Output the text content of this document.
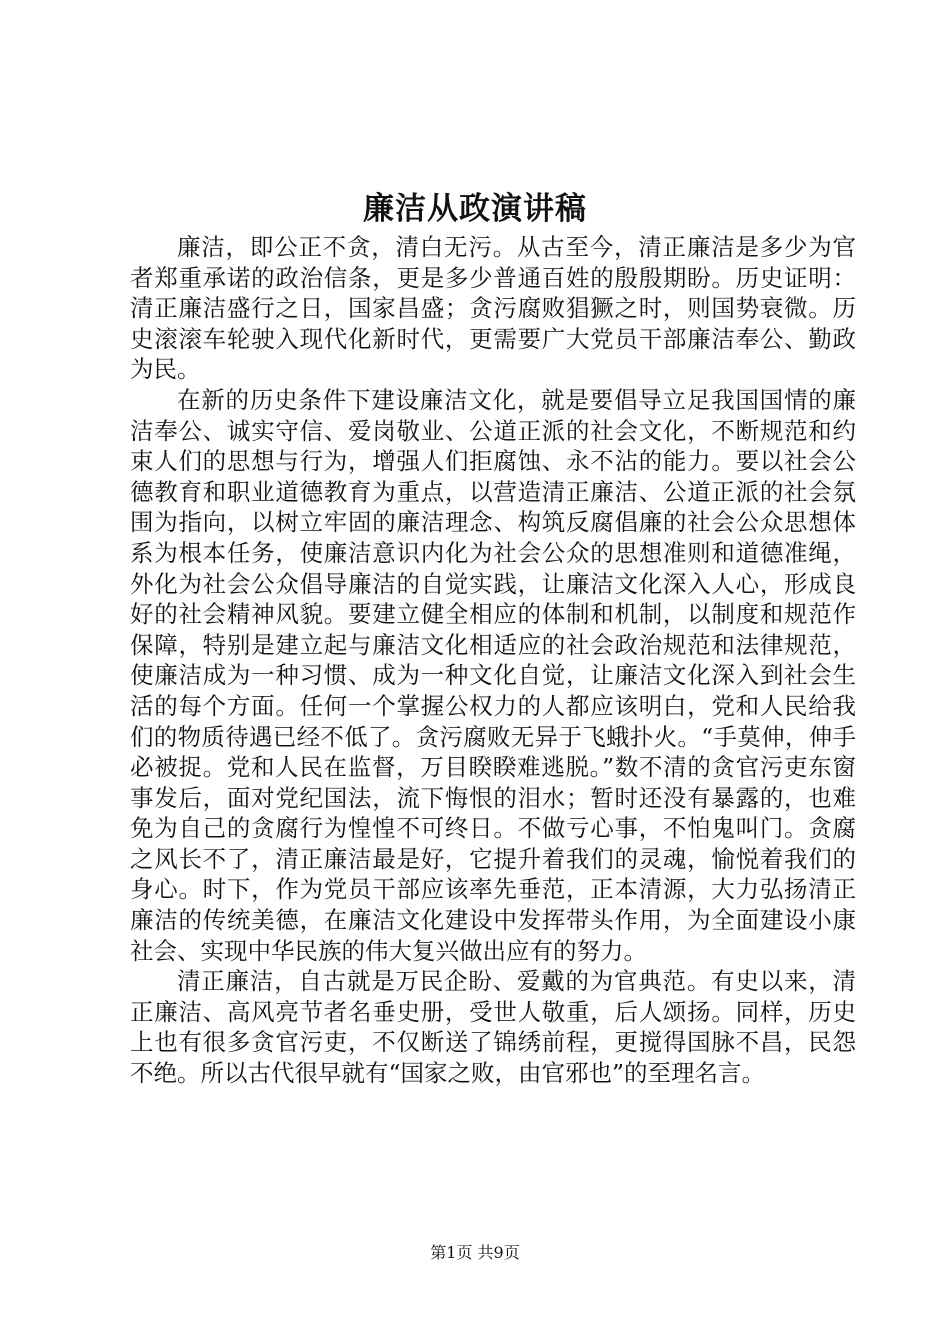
廉洁从政演讲稿

廉洁，即公正不贪，清白无污。从古至今，清正廉洁是多少为官者郑重承诺的政治信条，更是多少普通百姓的殷殷期盼。历史证明：清正廉洁盛行之日，国家昌盛；贪污腐败猖獗之时，则国势衰微。历史滚滚车轮驶入现代化新时代，更需要广大党员干部廉洁奉公、勤政为民。

在新的历史条件下建设廉洁文化，就是要倡导立足我国国情的廉洁奉公、诚实守信、爱岗敬业、公道正派的社会文化，不断规范和约束人们的思想与行为，增强人们拒腐蚀、永不沾的能力。要以社会公德教育和职业道德教育为重点，以营造清正廉洁、公道正派的社会氛围为指向，以树立牢固的廉洁理念、构筑反腐倡廉的社会公众思想体系为根本任务，使廉洁意识内化为社会公众的思想准则和道德准绳，外化为社会公众倡导廉洁的自觉实践，让廉洁文化深入人心，形成良好的社会精神风貌。要建立健全相应的体制和机制，以制度和规范作保障，特别是建立起与廉洁文化相适应的社会政治规范和法律规范，使廉洁成为一种习惯、成为一种文化自觉，让廉洁文化深入到社会生活的每个方面。任何一个掌握公权力的人都应该明白，党和人民给我们的物质待遇已经不低了。贪污腐败无异于飞蛾扑火。“手莫伸，伸手必被捉。党和人民在监督，万目睽睽难逃脱。”数不清的贪官污吏东窗事发后，面对党纪国法，流下悔恨的泪水；暂时还没有暴露的，也难免为自己的贪腐行为惶惶不可终日。不做亏心事，不怕鬼叫门。贪腐之风长不了，清正廉洁最是好，它提升着我们的灵魂，愉悦着我们的身心。时下，作为党员干部应该率先垂范，正本清源，大力弘扬清正廉洁的传统美德，在廉洁文化建设中发挥带头作用，为全面建设小康社会、实现中华民族的伟大复兴做出应有的努力。

清正廉洁，自古就是万民企盼、爱戴的为官典范。有史以来，清正廉洁、高风亮节者名垂史册，受世人敬重，后人颂扬。同样，历史上也有很多贪官污吏，不仅断送了锦绣前程，更搅得国脉不昌，民怨不绝。所以古代很早就有“国家之败，由官邪也”的至理名言。

第1页 共9页
